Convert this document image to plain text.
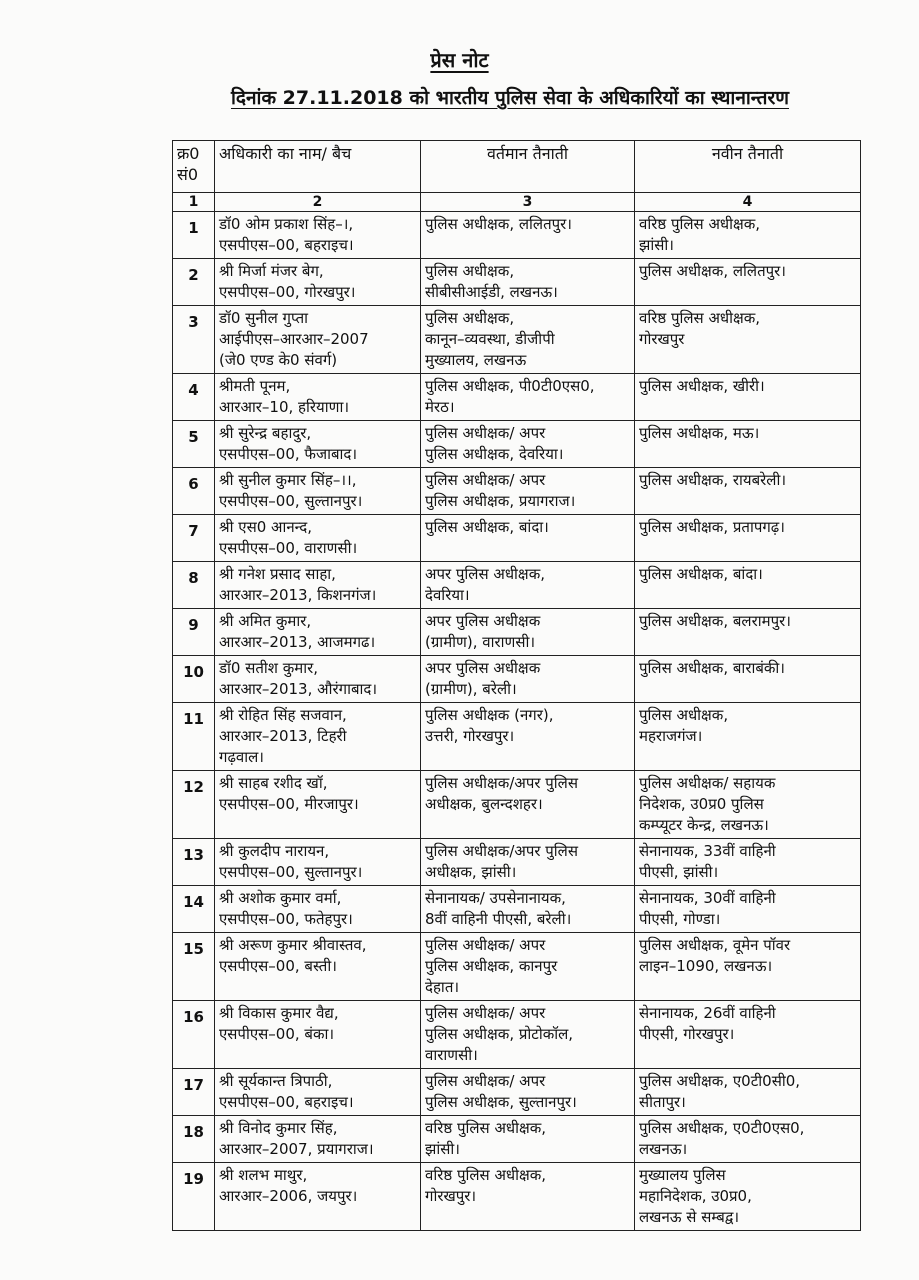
प्रेस नोट
दिनांक 27.11.2018 को भारतीय पुलिस सेवा के अधिकारियों का स्थानान्तरण
क्र0
सं0	अधिकारी का नाम/ बैच	वर्तमान तैनाती	नवीन तैनाती
1	2	3	4
1	डॉ0 ओम प्रकाश सिंह–।,
एसपीएस–00, बहराइच।	पुलिस अधीक्षक, ललितपुर।	वरिष्ठ पुलिस अधीक्षक,
झांसी।

2	श्री मिर्जा मंजर बेग,
एसपीएस–00, गोरखपुर।	पुलिस अधीक्षक,
सीबीसीआईडी, लखनऊ।	पुलिस अधीक्षक, ललितपुर।

3	डॉ0 सुनील गुप्ता
आईपीएस–आरआर–2007
(जे0 एण्ड के0 संवर्ग)	पुलिस अधीक्षक,
कानून–व्यवस्था, डीजीपी
मुख्यालय, लखनऊ	वरिष्ठ पुलिस अधीक्षक,
गोरखपुर

4	श्रीमती पूनम,
आरआर–10, हरियाणा।	पुलिस अधीक्षक, पी0टी0एस0,
मेरठ।	पुलिस अधीक्षक, खीरी।

5	श्री सुरेन्द्र बहादुर,
एसपीएस–00, फैजाबाद।	पुलिस अधीक्षक/ अपर
पुलिस अधीक्षक, देवरिया।	पुलिस अधीक्षक, मऊ।

6	श्री सुनील कुमार सिंह–।।,
एसपीएस–00, सुल्तानपुर।	पुलिस अधीक्षक/ अपर
पुलिस अधीक्षक, प्रयागराज।	पुलिस अधीक्षक, रायबरेली।

7	श्री एस0 आनन्द,
एसपीएस–00, वाराणसी।	पुलिस अधीक्षक, बांदा।	पुलिस अधीक्षक, प्रतापगढ़।

8	श्री गनेश प्रसाद साहा,
आरआर–2013, किशनगंज।	अपर पुलिस अधीक्षक,
देवरिया।	पुलिस अधीक्षक, बांदा।

9	श्री अमित कुमार,
आरआर–2013, आजमगढ।	अपर पुलिस अधीक्षक
(ग्रामीण), वाराणसी।	पुलिस अधीक्षक, बलरामपुर।

10	डॉ0 सतीश कुमार,
आरआर–2013, औरंगाबाद।	अपर पुलिस अधीक्षक
(ग्रामीण), बरेली।	पुलिस अधीक्षक, बाराबंकी।

11	श्री रोहित सिंह सजवान,
आरआर–2013, टिहरी
गढ़वाल।	पुलिस अधीक्षक (नगर),
उत्तरी, गोरखपुर।	पुलिस अधीक्षक,
महराजगंज।

12	श्री साहब रशीद खॉ,
एसपीएस–00, मीरजापुर।	पुलिस अधीक्षक/अपर पुलिस
अधीक्षक, बुलन्दशहर।	पुलिस अधीक्षक/ सहायक
निदेशक, उ0प्र0 पुलिस
कम्प्यूटर केन्द्र, लखनऊ।

13	श्री कुलदीप नारायन,
एसपीएस–00, सुल्तानपुर।	पुलिस अधीक्षक/अपर पुलिस
अधीक्षक, झांसी।	सेनानायक, 33वीं वाहिनी
पीएसी, झांसी।

14	श्री अशोक कुमार वर्मा,
एसपीएस–00, फतेहपुर।	सेनानायक/ उपसेनानायक,
8वीं वाहिनी पीएसी, बरेली।	सेनानायक, 30वीं वाहिनी
पीएसी, गोण्डा।

15	श्री अरूण कुमार श्रीवास्तव,
एसपीएस–00, बस्ती।	पुलिस अधीक्षक/ अपर
पुलिस अधीक्षक, कानपुर
देहात।	पुलिस अधीक्षक, वूमेन पॉवर
लाइन–1090, लखनऊ।

16	श्री विकास कुमार वैद्य,
एसपीएस–00, बंका।	पुलिस अधीक्षक/ अपर
पुलिस अधीक्षक, प्रोटोकॉल,
वाराणसी।	सेनानायक, 26वीं वाहिनी
पीएसी, गोरखपुर।

17	श्री सूर्यकान्त त्रिपाठी,
एसपीएस–00, बहराइच।	पुलिस अधीक्षक/ अपर
पुलिस अधीक्षक, सुल्तानपुर।	पुलिस अधीक्षक, ए0टी0सी0,
सीतापुर।

18	श्री विनोद कुमार सिंह,
आरआर–2007, प्रयागराज।	वरिष्ठ पुलिस अधीक्षक,
झांसी।	पुलिस अधीक्षक, ए0टी0एस0,
लखनऊ।

19	श्री शलभ माथुर,
आरआर–2006, जयपुर।	वरिष्ठ पुलिस अधीक्षक,
गोरखपुर।	मुख्यालय पुलिस
महानिदेशक, उ0प्र0,
लखनऊ से सम्बद्व।
